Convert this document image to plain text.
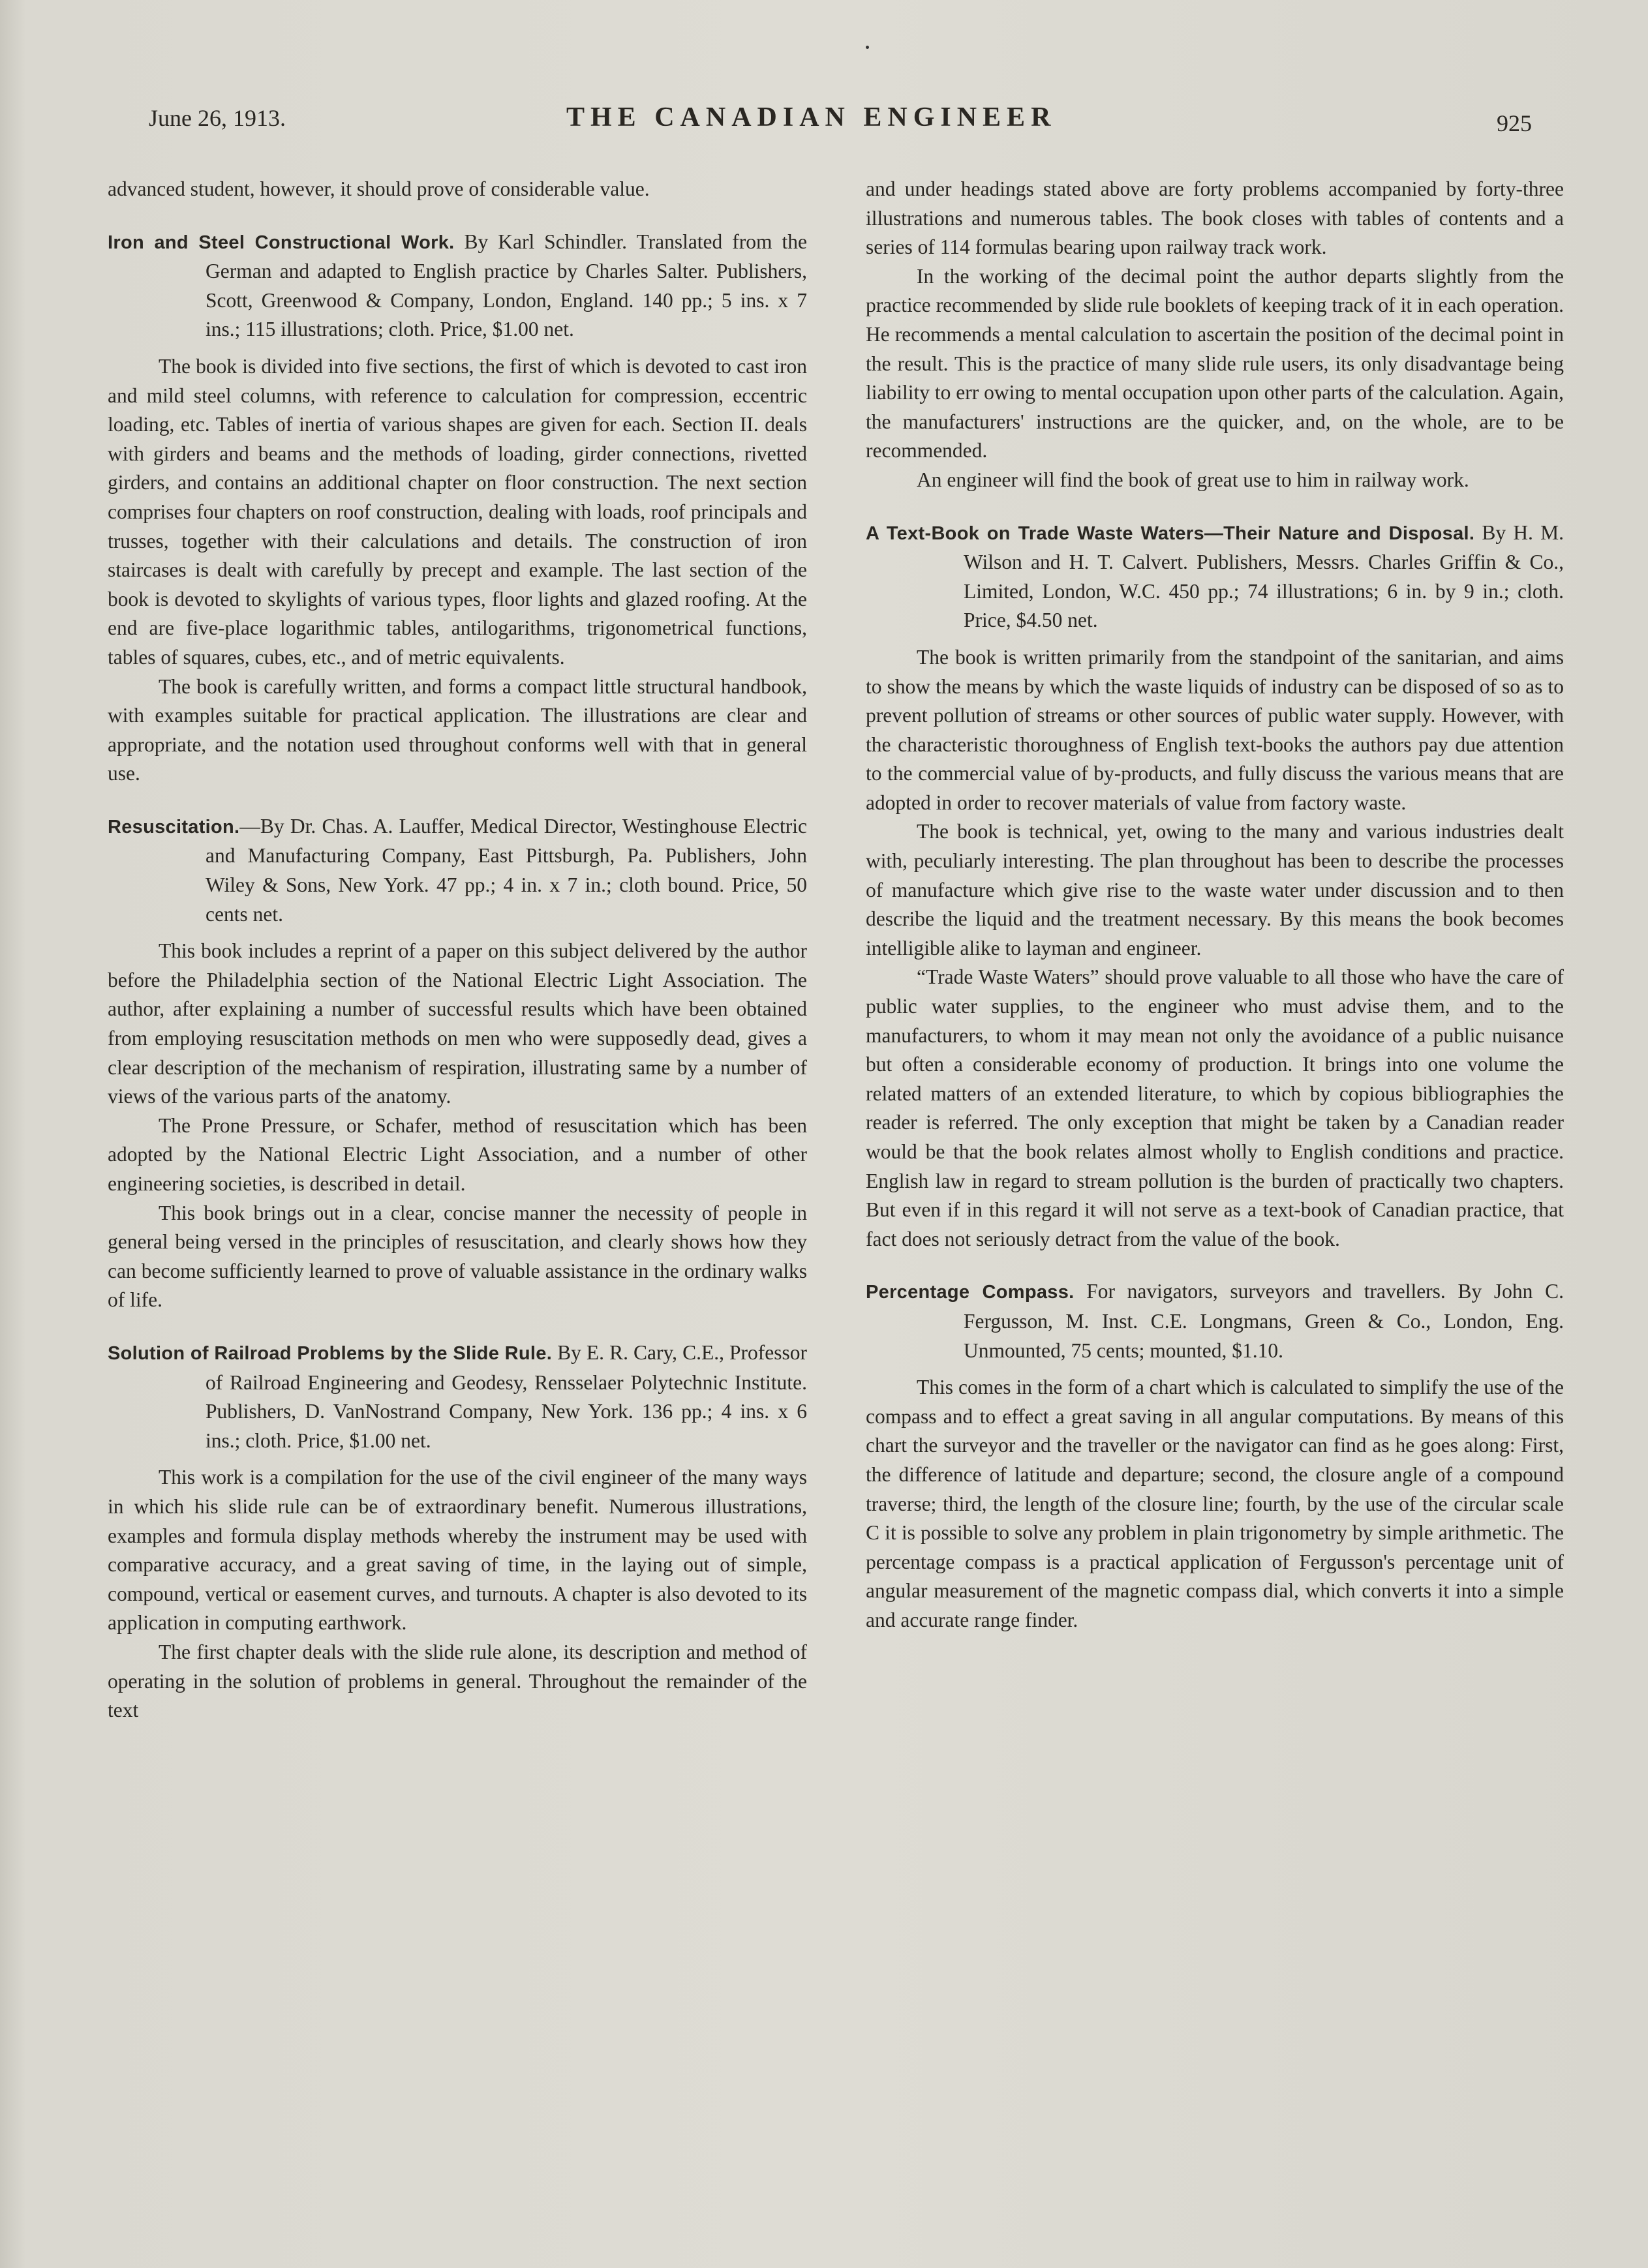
June 26, 1913.	THE CANADIAN ENGINEER	925

advanced student, however, it should prove of considerable value.

Iron and Steel Constructional Work. By Karl Schindler. Translated from the German and adapted to English practice by Charles Salter. Publishers, Scott, Greenwood & Company, London, England. 140 pp.; 5 ins. x 7 ins.; 115 illustrations; cloth. Price, $1.00 net.

The book is divided into five sections, the first of which is devoted to cast iron and mild steel columns, with reference to calculation for compression, eccentric loading, etc. Tables of inertia of various shapes are given for each. Section II. deals with girders and beams and the methods of loading, girder connections, rivetted girders, and contains an additional chapter on floor construction. The next section comprises four chapters on roof construction, dealing with loads, roof principals and trusses, together with their calculations and details. The construction of iron staircases is dealt with carefully by precept and example. The last section of the book is devoted to skylights of various types, floor lights and glazed roofing. At the end are five-place logarithmic tables, antilogarithms, trigonometrical functions, tables of squares, cubes, etc., and of metric equivalents.

The book is carefully written, and forms a compact little structural handbook, with examples suitable for practical application. The illustrations are clear and appropriate, and the notation used throughout conforms well with that in general use.

Resuscitation.—By Dr. Chas. A. Lauffer, Medical Director, Westinghouse Electric and Manufacturing Company, East Pittsburgh, Pa. Publishers, John Wiley & Sons, New York. 47 pp.; 4 in. x 7 in.; cloth bound. Price, 50 cents net.

This book includes a reprint of a paper on this subject delivered by the author before the Philadelphia section of the National Electric Light Association. The author, after explaining a number of successful results which have been obtained from employing resuscitation methods on men who were supposedly dead, gives a clear description of the mechanism of respiration, illustrating same by a number of views of the various parts of the anatomy.

The Prone Pressure, or Schafer, method of resuscitation which has been adopted by the National Electric Light Association, and a number of other engineering societies, is described in detail.

This book brings out in a clear, concise manner the necessity of people in general being versed in the principles of resuscitation, and clearly shows how they can become sufficiently learned to prove of valuable assistance in the ordinary walks of life.

Solution of Railroad Problems by the Slide Rule. By E. R. Cary, C.E., Professor of Railroad Engineering and Geodesy, Rensselaer Polytechnic Institute. Publishers, D. VanNostrand Company, New York. 136 pp.; 4 ins. x 6 ins.; cloth. Price, $1.00 net.

This work is a compilation for the use of the civil engineer of the many ways in which his slide rule can be of extraordinary benefit. Numerous illustrations, examples and formula display methods whereby the instrument may be used with comparative accuracy, and a great saving of time, in the laying out of simple, compound, vertical or easement curves, and turnouts. A chapter is also devoted to its application in computing earthwork.

The first chapter deals with the slide rule alone, its description and method of operating in the solution of problems in general. Throughout the remainder of the text

and under headings stated above are forty problems accompanied by forty-three illustrations and numerous tables. The book closes with tables of contents and a series of 114 formulas bearing upon railway track work.

In the working of the decimal point the author departs slightly from the practice recommended by slide rule booklets of keeping track of it in each operation. He recommends a mental calculation to ascertain the position of the decimal point in the result. This is the practice of many slide rule users, its only disadvantage being liability to err owing to mental occupation upon other parts of the calculation. Again, the manufacturers' instructions are the quicker, and, on the whole, are to be recommended.

An engineer will find the book of great use to him in railway work.

A Text-Book on Trade Waste Waters—Their Nature and Disposal. By H. M. Wilson and H. T. Calvert. Publishers, Messrs. Charles Griffin & Co., Limited, London, W.C. 450 pp.; 74 illustrations; 6 in. by 9 in.; cloth. Price, $4.50 net.

The book is written primarily from the standpoint of the sanitarian, and aims to show the means by which the waste liquids of industry can be disposed of so as to prevent pollution of streams or other sources of public water supply. However, with the characteristic thoroughness of English text-books the authors pay due attention to the commercial value of by-products, and fully discuss the various means that are adopted in order to recover materials of value from factory waste.

The book is technical, yet, owing to the many and various industries dealt with, peculiarly interesting. The plan throughout has been to describe the processes of manufacture which give rise to the waste water under discussion and to then describe the liquid and the treatment necessary. By this means the book becomes intelligible alike to layman and engineer.

“Trade Waste Waters” should prove valuable to all those who have the care of public water supplies, to the engineer who must advise them, and to the manufacturers, to whom it may mean not only the avoidance of a public nuisance but often a considerable economy of production. It brings into one volume the related matters of an extended literature, to which by copious bibliographies the reader is referred. The only exception that might be taken by a Canadian reader would be that the book relates almost wholly to English conditions and practice. English law in regard to stream pollution is the burden of practically two chapters. But even if in this regard it will not serve as a text-book of Canadian practice, that fact does not seriously detract from the value of the book.

Percentage Compass. For navigators, surveyors and travellers. By John C. Fergusson, M. Inst. C.E. Longmans, Green & Co., London, Eng. Unmounted, 75 cents; mounted, $1.10.

This comes in the form of a chart which is calculated to simplify the use of the compass and to effect a great saving in all angular computations. By means of this chart the surveyor and the traveller or the navigator can find as he goes along: First, the difference of latitude and departure; second, the closure angle of a compound traverse; third, the length of the closure line; fourth, by the use of the circular scale C it is possible to solve any problem in plain trigonometry by simple arithmetic. The percentage compass is a practical application of Fergusson's percentage unit of angular measurement of the magnetic compass dial, which converts it into a simple and accurate range finder.
